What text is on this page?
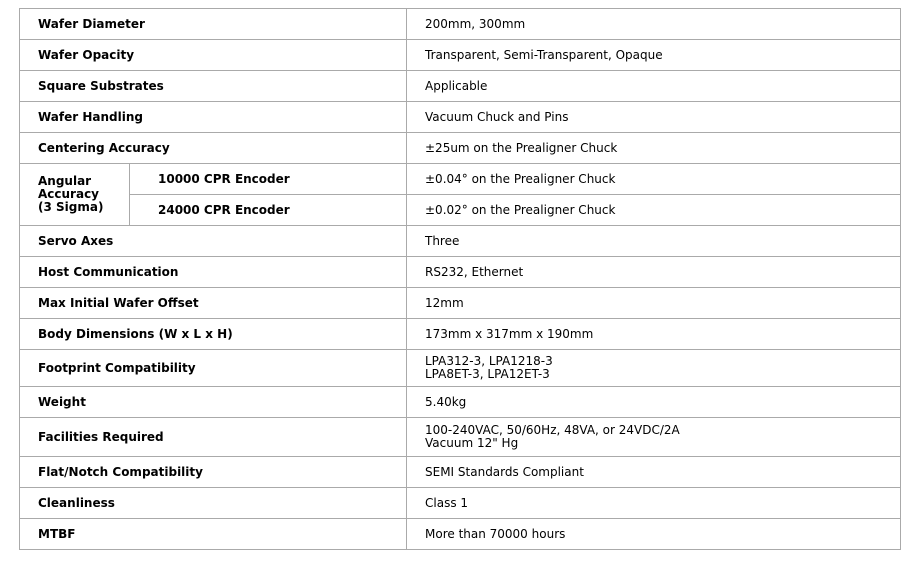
Wafer Diameter		200mm, 300mm
Wafer Opacity		Transparent, Semi-Transparent, Opaque
Square Substrates		Applicable
Wafer Handling		Vacuum Chuck and Pins
Centering Accuracy		±25um on the Prealigner Chuck

Angular
Accuracy
(3 Sigma)	10000 CPR Encoder	±0.04° on the Prealigner Chuck
	24000 CPR Encoder	±0.02° on the Prealigner Chuck
Servo Axes		Three
Host Communication		RS232, Ethernet
Max Initial Wafer Offset		12mm
Body Dimensions (W x L x H)		173mm x 317mm x 190mm
Footprint Compatibility		LPA312-3, LPA1218-3
LPA8ET-3, LPA12ET-3

Weight		5.40kg
Facilities Required		100-240VAC, 50/60Hz, 48VA, or 24VDC/2A
Vacuum 12" Hg

Flat/Notch Compatibility		SEMI Standards Compliant
Cleanliness		Class 1
MTBF		More than 70000 hours
